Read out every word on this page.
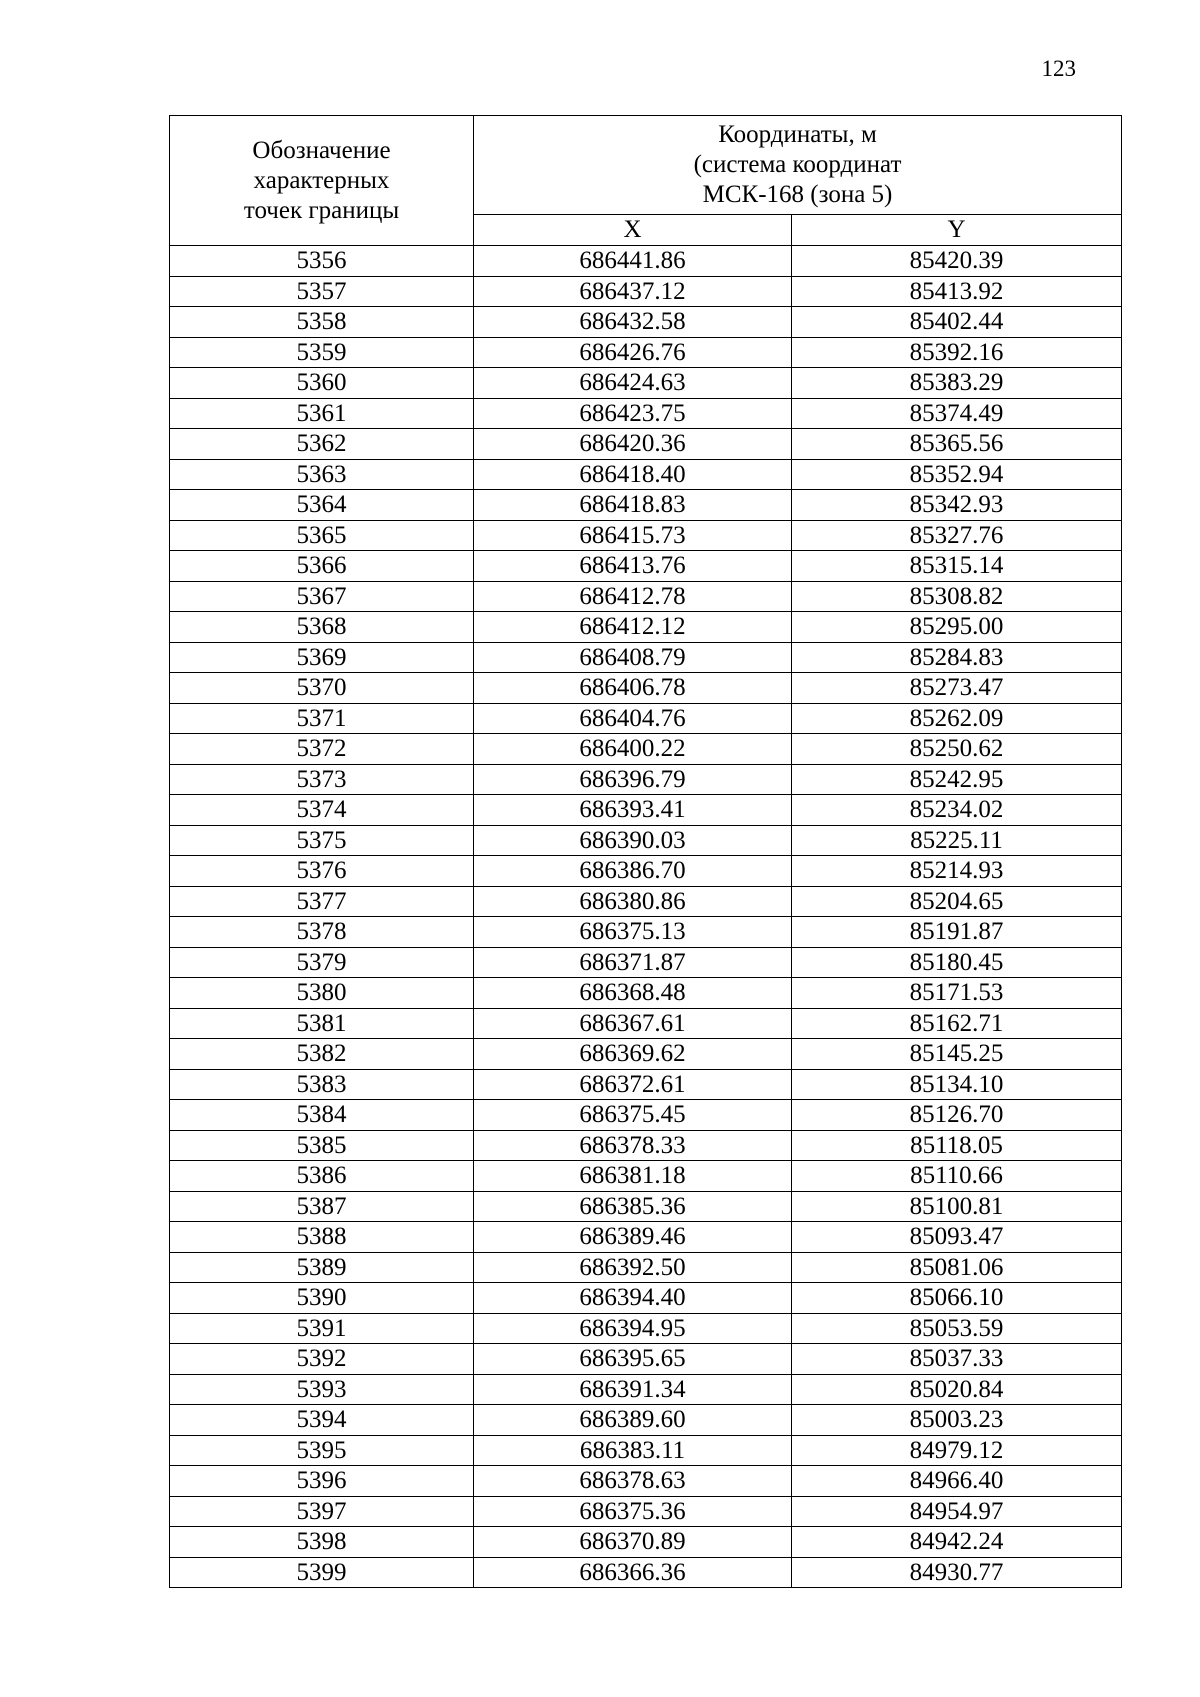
123
Обозначение
характерных
точек границы	Координаты, м
(система координат
МСК-168 (зона 5)	

	X	Y
5356	686441.86	85420.39
5357	686437.12	85413.92
5358	686432.58	85402.44
5359	686426.76	85392.16
5360	686424.63	85383.29
5361	686423.75	85374.49
5362	686420.36	85365.56
5363	686418.40	85352.94
5364	686418.83	85342.93
5365	686415.73	85327.76
5366	686413.76	85315.14
5367	686412.78	85308.82
5368	686412.12	85295.00
5369	686408.79	85284.83
5370	686406.78	85273.47
5371	686404.76	85262.09
5372	686400.22	85250.62
5373	686396.79	85242.95
5374	686393.41	85234.02
5375	686390.03	85225.11
5376	686386.70	85214.93
5377	686380.86	85204.65
5378	686375.13	85191.87
5379	686371.87	85180.45
5380	686368.48	85171.53
5381	686367.61	85162.71
5382	686369.62	85145.25
5383	686372.61	85134.10
5384	686375.45	85126.70
5385	686378.33	85118.05
5386	686381.18	85110.66
5387	686385.36	85100.81
5388	686389.46	85093.47
5389	686392.50	85081.06
5390	686394.40	85066.10
5391	686394.95	85053.59
5392	686395.65	85037.33
5393	686391.34	85020.84
5394	686389.60	85003.23
5395	686383.11	84979.12
5396	686378.63	84966.40
5397	686375.36	84954.97
5398	686370.89	84942.24
5399	686366.36	84930.77
